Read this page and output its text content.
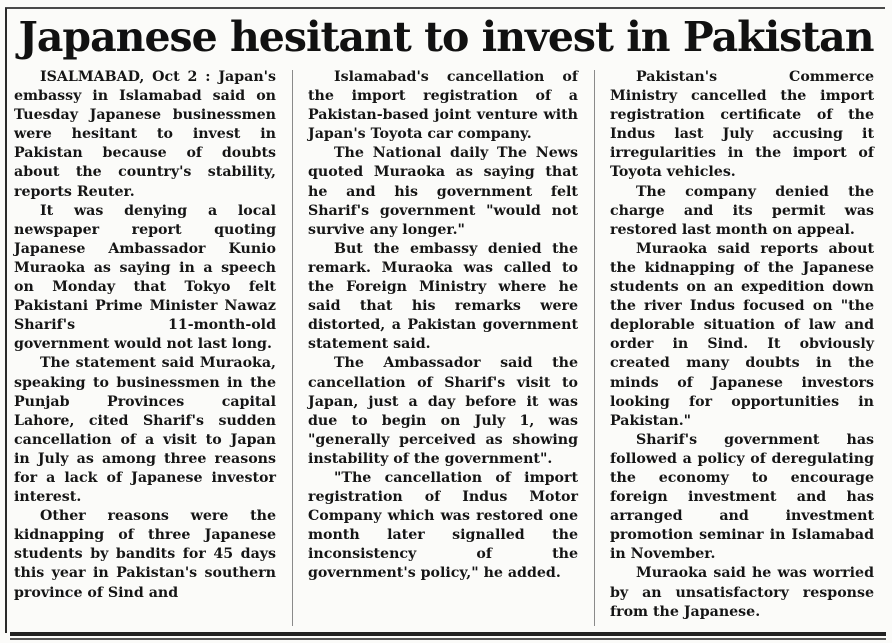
Japanese hesitant to invest in Pakistan

ISALMABAD, Oct 2 : Japan's embassy in Islamabad said on Tuesday Japanese businessmen were hesitant to invest in Pakistan because of doubts about the country's stability, reports Reuter.

It was denying a local newspaper report quoting Japanese Ambassador Kunio Muraoka as saying in a speech on Monday that Tokyo felt Pakistani Prime Minister Nawaz Sharif's 11-month-old government would not last long.

The statement said Muraoka, speaking to businessmen in the Punjab Provinces capital Lahore, cited Sharif's sudden cancellation of a visit to Japan in July as among three reasons for a lack of Japanese investor interest.

Other reasons were the kidnapping of three Japanese students by bandits for 45 days this year in Pakistan's southern province of Sind and

Islamabad's cancellation of the import registration of a Pakistan-based joint venture with Japan's Toyota car company.

The National daily The News quoted Muraoka as saying that he and his government felt Sharif's government "would not survive any longer."

But the embassy denied the remark. Muraoka was called to the Foreign Ministry where he said that his remarks were distorted, a Pakistan government statement said.

The Ambassador said the cancellation of Sharif's visit to Japan, just a day before it was due to begin on July 1, was "generally perceived as showing instability of the government".

"The cancellation of import registration of Indus Motor Company which was restored one month later signalled the inconsistency of the government's policy," he added.

Pakistan's Commerce Ministry cancelled the import registration certificate of the Indus last July accusing it irregularities in the import of Toyota vehicles.

The company denied the charge and its permit was restored last month on appeal.

Muraoka said reports about the kidnapping of the Japanese students on an expedition down the river Indus focused on "the deplorable situation of law and order in Sind. It obviously created many doubts in the minds of Japanese investors looking for opportunities in Pakistan."

Sharif's government has followed a policy of deregulating the economy to encourage foreign investment and has arranged and investment promotion seminar in Islamabad in November.

Muraoka said he was worried by an unsatisfactory response from the Japanese.
